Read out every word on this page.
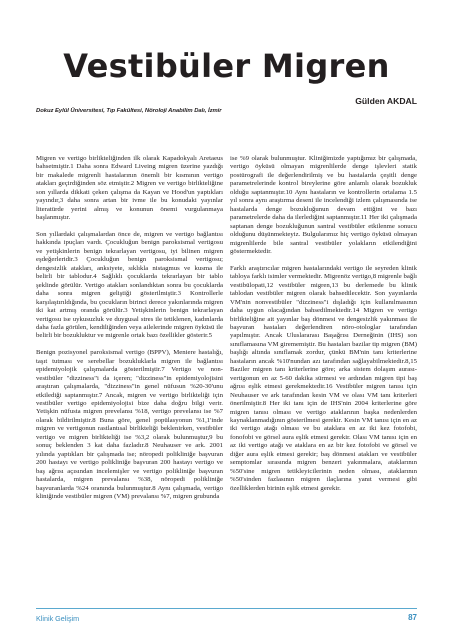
Vestibüler Migren
Gülden AKDAL
Dokuz Eylül Üniversitesi, Tıp Fakültesi, Nöroloji Anabilim Dalı, İzmir

Migren ve vertigo birlikteliğinden ilk olarak Kapadokyalı Aretaeus bahsetmiştir.1 Daha sonra Edward Liveing migren üzerine yazdığı bir makalede migrenli hastalarının önemli bir kısmının vertigo atakları geçirdiğinden söz etmiştir.2 Migren ve vertigo birlikteliğine son yıllarda dikkati çeken çalışma da Kayan ve Hood'un yaptıkları yayındır,3 daha sonra artan bir ivme ile bu konudaki yayınlar literatürde yerini almış ve konunun önemi vurgulanmaya başlanmıştır.

Son yıllardaki çalışmalardan önce de, migren ve vertigo bağlantısı hakkında ipuçları vardı. Çocukluğun benign paroksismal vertigosu ve yetişkinlerin benign tekrarlayan vertigosu, iyi bilinen migren eşdeğerleridir.3 Çocukluğun benign paroksismal vertigosu; dengesizlik atakları, anksiyete, sıklıkla nistagmus ve kusma ile belirli bir tablodur.4 Sağlıklı çocuklarda tekrarlayan bir tablo şeklinde görülür. Vertigo atakları sonlandıktan sonra bu çocuklarda daha sonra migren geliştiği gösterilmiştir.3 Kontrollerle karşılaştırıldığında, bu çocukların birinci derece yakınlarında migren iki kat artmış oranda görülür.3 Yetişkinlerin benign tekrarlayan vertigosu ise uykusuzluk ve duygusal stres ile tetiklenen, kadınlarda daha fazla görülen, kendiliğinden veya ailelerinde migren öyküsü ile belirli bir bozukluktur ve migrenle ortak bazı özellikler gösterir.5

Benign pozisyonel paroksismal vertigo (BPPV), Meniere hastalığı, taşıt tutması ve serebellar bozukluklarla migren ile bağlantısı epidemiyolojik çalışmalarda gösterilmiştir.7 Vertigo ve non-vestibüler "dizziness"i da içeren; "dizziness"in epidemiyolojisini araştıran çalışmalarda, "dizziness"in genel nüfusun %20-30'unu etkilediği saptanmıştır.7 Ancak, migren ve vertigo birlikteliği için vestibüler vertigo epidemiyolojisi bize daha doğru bilgi verir. Yetişkin nüfusta migren prevelansı %18, vertigo prevelansı ise %7 olarak bildirilmiştir.8 Buna göre, genel popülasyonun %1,1'inde migren ve vertigonun rastlantısal birlikteliği beklenirken, vestibüler vertigo ve migren birlikteliği ise %3,2 olarak bulunmuştur,9 bu sonuç beklenden 3 kat daha fazladır.8 Neuhauser ve ark. 2001 yılında yaptıkları bir çalışmada ise; nöropedi polikliniğe başvuran 200 hastayı ve vertigo polikliniğe başvuran 200 hastayı vertigo ve baş ağrısı açısından incelemişler ve vertigo polikliniğe başvuran hastalarda, migren prevalansı %38, nöropedi polikliniğe başvuranlarda %24 oranında bulunmuştur.8 Aynı çalışmada, vertigo kliniğinde vestibüler migren (VM) prevalansı %7, migren grubunda

ise %9 olarak bulunmuştur. Kliniğimizde yaptığımız bir çalışmada, vertigo öyküsü olmayan migrenlilerde denge işlevleri statik postürografi ile değerlendirilmiş ve bu hastalarda çeşitli denge parametrelerinde kontrol bireylerine göre anlamlı olarak bozukluk olduğu saptanmıştır.10 Aynı hastaların ve kontrollerin ortalama 1.5 yıl sonra aynı araştırma deseni ile incelendiği izlem çalışmasında ise hastalarda denge bozukluğunun devam ettiğini ve bazı parametrelerde daha da ilerlediğini saptanmıştır.11 Her iki çalışmada saptanan denge bozukluğunun santral vestibüler etkilenme sonucu olduğunu düşünmekteyiz. Bulgularımız hiç vertigo öyküsü olmayan migrenlilerde bile santral vestibüler yolakların etkilendiğini göstermektedir.

Farklı araştırıcılar migren hastalarındaki vertigo ile seyreden klinik tabloya farklı isimler vermektedir. Migrenöz vertigo,8 migrenle bağlı vestibülopati,12 vestibüler migren,13 bu derlemede bu klinik tablodan vestibüler migren olarak bahsedilecektir. Son yayınlarda VM'nin nonvestibüler "dizziness"i dışladığı için kullanılmasının daha uygun olacağından bahsedilmektedir.14 Migren ve vertigo birlikteliğine ait yayınlar baş dönmesi ve dengesizlik yakınması ile başvuran hastaları değerlendiren nöro-otologlar tarafından yapılmıştır. Ancak Uluslararası Başağrısı Derneğinin (IHS) son sınıflamasına VM girememiştir. Bu hastaları bazilar tip migren (BM) başlığı altında sınıflamak zordur, çünkü BM'nin tanı kriterlerine hastaların ancak %10'nundan azı tarafından sağlayabilmektedir.8,15 Baziler migren tanı kriterlerine göre; arka sistem dolaşım aurası- vertigonun en az 5-60 dakika sürmesi ve ardından migren tipi baş ağrısı eşlik etmesi gerekmektedir.16 Vestibüler migren tanısı için Neuhauser ve ark tarafından kesin VM ve olası VM tanı kriterleri önerilmiştir.8 Her iki tanı için de IHS'nin 2004 kriterlerine göre migren tanısı olması ve vertigo ataklarının başka nedenlerden kaynaklanmadığının gösterilmesi gerekir. Kesin VM tanısı için en az iki vertigo atağı olması ve bu ataklara en az iki kez fotofobi, fonofobi ve görsel aura eşlik etmesi gerekir. Olası VM tanısı için en az iki vertigo atağı ve ataklara en az bir kez fotofobi ve görsel ve diğer aura eşlik etmesi gerekir; baş dönmesi atakları ve vestibüler semptomlar sırasında migren benzeri yakınmalara, ataklarının %50'sine migren tetikleyicilerinin neden olması, ataklarının %50'sinden fazlasının migren ilaçlarına yanıt vermesi gibi özelliklerden birinin eşlik etmesi gerekir.

Klinik Gelişim	87
